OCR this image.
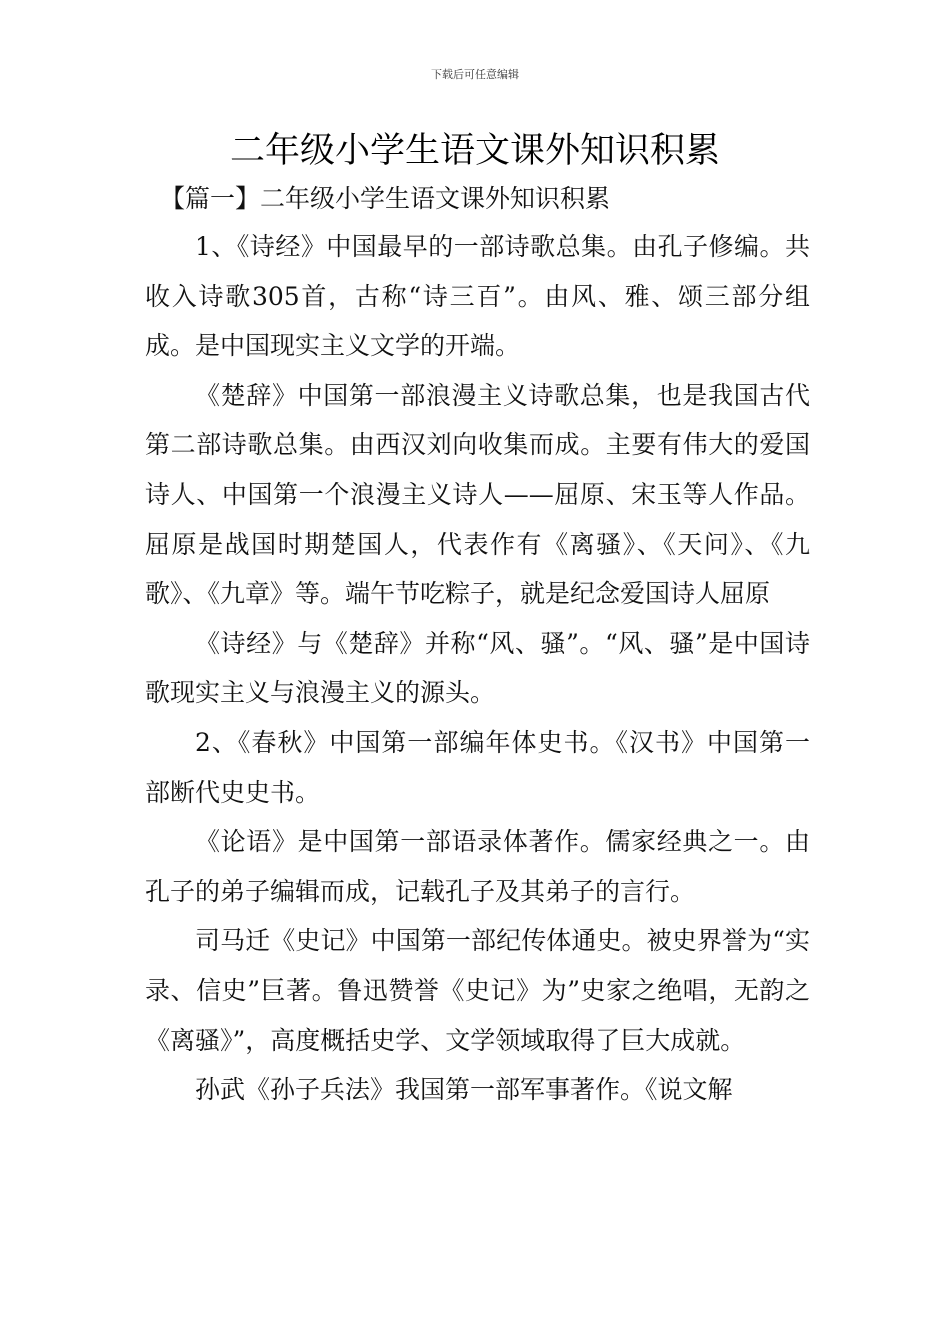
下载后可任意编辑
二年级小学生语文课外知识积累
【篇一】二年级小学生语文课外知识积累

1、《诗经》中国最早的一部诗歌总集。由孔子修编。共收入诗歌305首，古称“诗三百”。由风、雅、颂三部分组成。是中国现实主义文学的开端。

《楚辞》中国第一部浪漫主义诗歌总集，也是我国古代第二部诗歌总集。由西汉刘向收集而成。主要有伟大的爱国诗人、中国第一个浪漫主义诗人——屈原、宋玉等人作品。屈原是战国时期楚国人，代表作有《离骚》、《天问》、《九歌》、《九章》等。端午节吃粽子，就是纪念爱国诗人屈原

《诗经》与《楚辞》并称“风、骚”。“风、骚”是中国诗歌现实主义与浪漫主义的源头。

2、《春秋》中国第一部编年体史书。《汉书》中国第一部断代史史书。

《论语》是中国第一部语录体著作。儒家经典之一。由孔子的弟子编辑而成，记载孔子及其弟子的言行。

司马迁《史记》中国第一部纪传体通史。被史界誉为“实录、信史”巨著。鲁迅赞誉《史记》为”史家之绝唱，无韵之《离骚》”，高度概括史学、文学领域取得了巨大成就。

孙武《孙子兵法》我国第一部军事著作。《说文解
